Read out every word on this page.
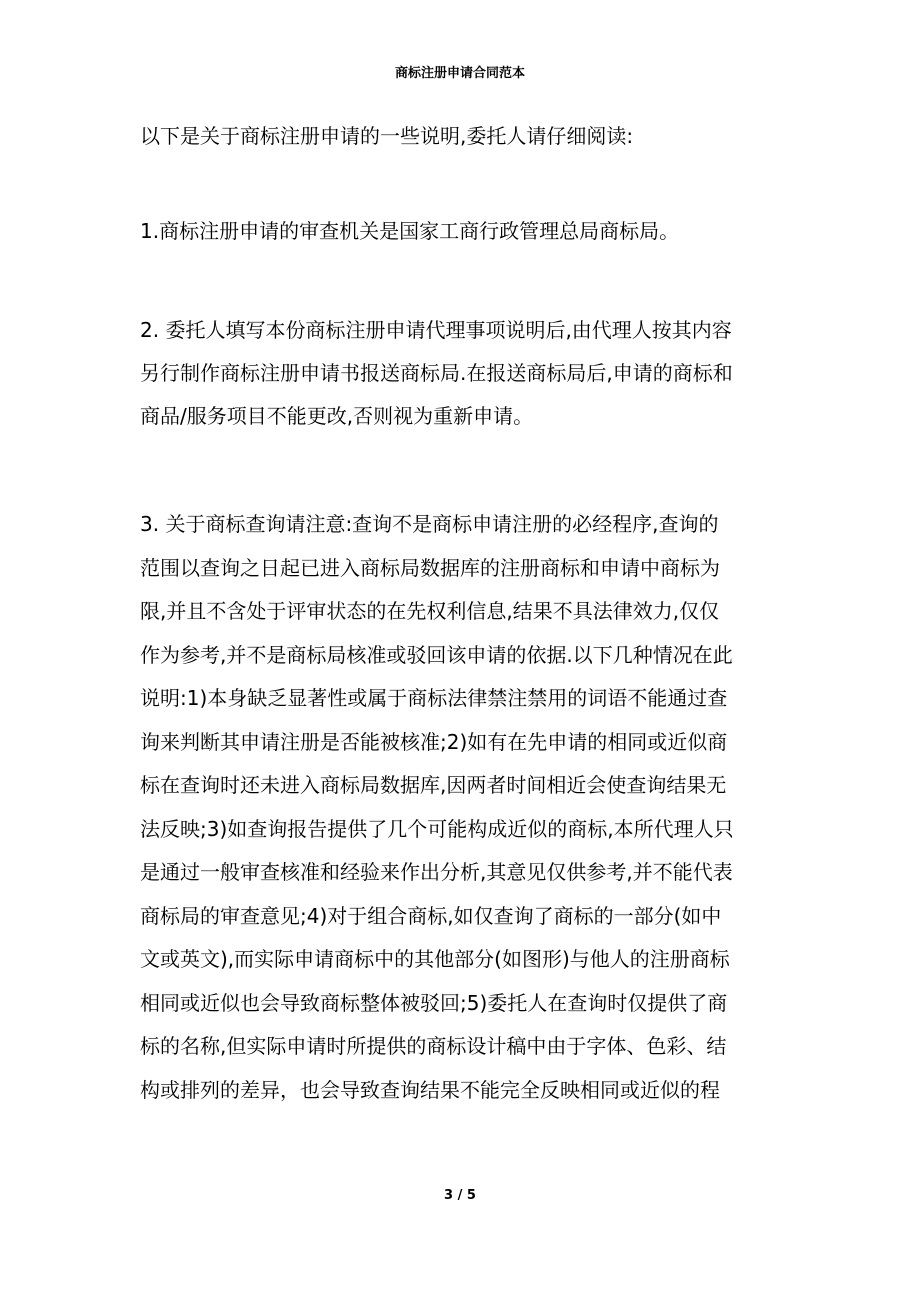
商标注册申请合同范本
以下是关于商标注册申请的一些说明,委托人请仔细阅读:
1.商标注册申请的审查机关是国家工商行政管理总局商标局。

2. 委托人填写本份商标注册申请代理事项说明后,由代理人按其内容

另行制作商标注册申请书报送商标局.在报送商标局后,申请的商标和

商品/服务项目不能更改,否则视为重新申请。

3. 关于商标查询请注意:查询不是商标申请注册的必经程序,查询的

范围以查询之日起已进入商标局数据库的注册商标和申请中商标为

限,并且不含处于评审状态的在先权利信息,结果不具法律效力,仅仅

作为参考,并不是商标局核准或驳回该申请的依据.以下几种情况在此

说明:1)本身缺乏显著性或属于商标法律禁注禁用的词语不能通过查

询来判断其申请注册是否能被核准;2)如有在先申请的相同或近似商

标在查询时还未进入商标局数据库,因两者时间相近会使查询结果无

法反映;3)如查询报告提供了几个可能构成近似的商标,本所代理人只

是通过一般审查核准和经验来作出分析,其意见仅供参考,并不能代表

商标局的审查意见;4)对于组合商标,如仅查询了商标的一部分(如中

文或英文),而实际申请商标中的其他部分(如图形)与他人的注册商标

相同或近似也会导致商标整体被驳回;5)委托人在查询时仅提供了商

标的名称,但实际申请时所提供的商标设计稿中由于字体、色彩、结

构或排列的差异，也会导致查询结果不能完全反映相同或近似的程

3 / 5
